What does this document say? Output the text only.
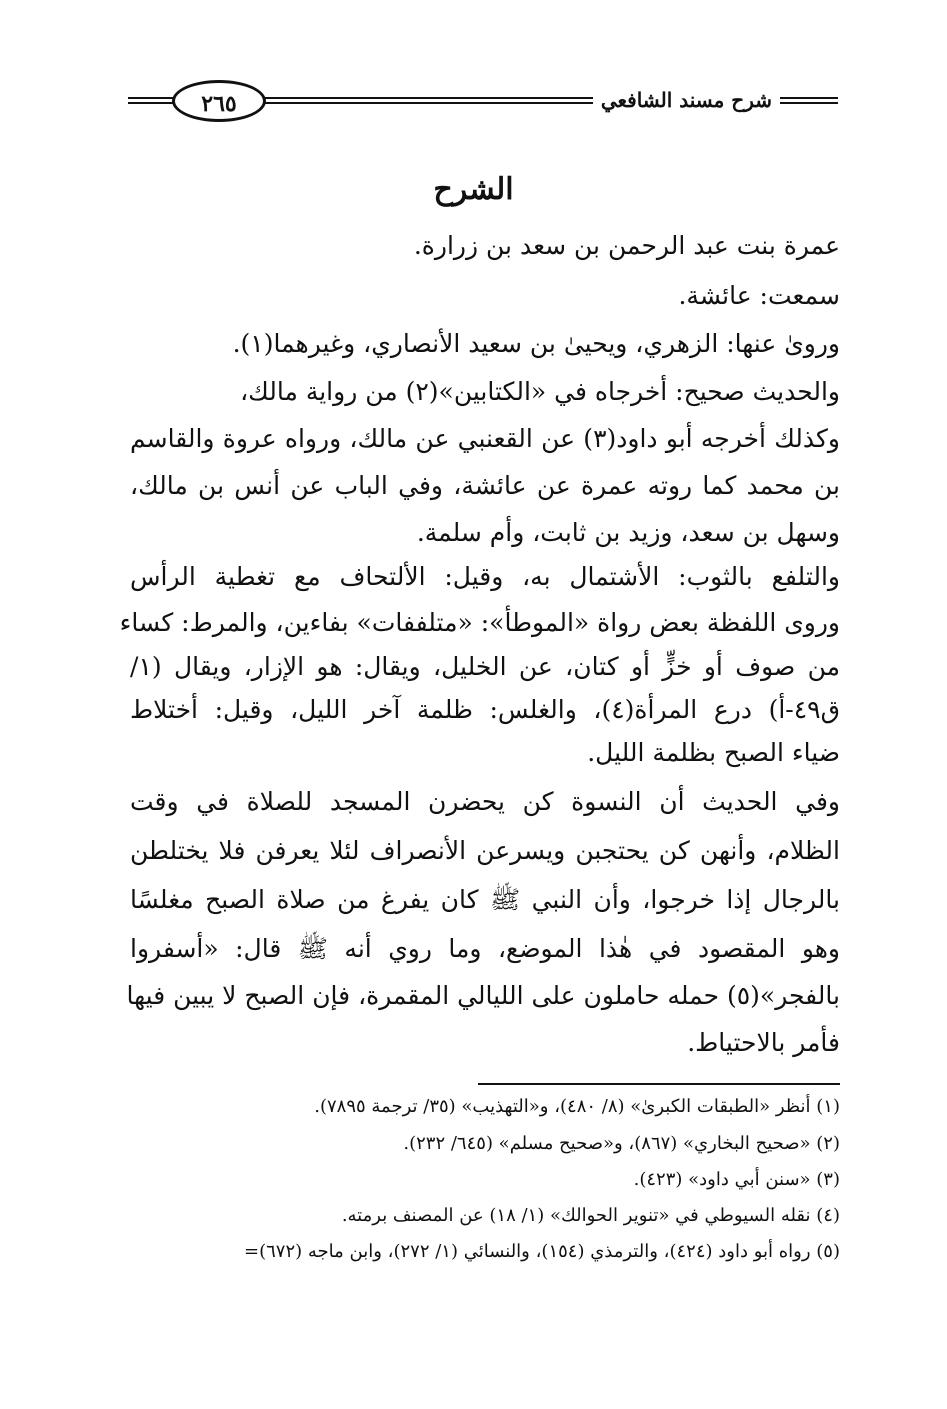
٢٦٥	شرح مسند الشافعي
الشرح
عمرة بنت عبد الرحمن بن سعد بن زرارة.
سمعت: عائشة.
وروىٰ عنها: الزهري، ويحيىٰ بن سعيد الأنصاري، وغيرهما(١).
والحديث صحيح: أخرجاه في «الكتابين»(٢) من رواية مالك،
وكذلك أخرجه أبو داود(٣) عن القعنبي عن مالك، ورواه عروة والقاسم
بن محمد كما روته عمرة عن عائشة، وفي الباب عن أنس بن مالك،
وسهل بن سعد، وزيد بن ثابت، وأم سلمة.
والتلفع بالثوب: الأشتمال به، وقيل: الألتحاف مع تغطية الرأس
وروى اللفظة بعض رواة «الموطأ»: «متلففات» بفاءين، والمرط: كساء
من صوف أو خزٍّ أو كتان، عن الخليل، ويقال: هو الإزار، ويقال (١/
ق٤٩-أ) درع المرأة(٤)، والغلس: ظلمة آخر الليل، وقيل: أختلاط
ضياء الصبح بظلمة الليل.
وفي الحديث أن النسوة كن يحضرن المسجد للصلاة في وقت
الظلام، وأنهن كن يحتجبن ويسرعن الأنصراف لئلا يعرفن فلا يختلطن
بالرجال إذا خرجوا، وأن النبي ﷺ كان يفرغ من صلاة الصبح مغلسًا
وهو المقصود في هٰذا الموضع، وما روي أنه ﷺ قال: «أسفروا
بالفجر»(٥) حمله حاملون على الليالي المقمرة، فإن الصبح لا يبين فيها
فأمر بالاحتياط.
(١) أنظر «الطبقات الكبرىٰ» (٨/ ٤٨٠)، و«التهذيب» (٣٥/ ترجمة ٧٨٩٥).
(٢) «صحيح البخاري» (٨٦٧)، و«صحيح مسلم» (٦٤٥/ ٢٣٢).
(٣) «سنن أبي داود» (٤٢٣).
(٤) نقله السيوطي في «تنوير الحوالك» (١/ ١٨) عن المصنف برمته.
(٥) رواه أبو داود (٤٢٤)، والترمذي (١٥٤)، والنسائي (١/ ٢٧٢)، وابن ماجه (٦٧٢)=
